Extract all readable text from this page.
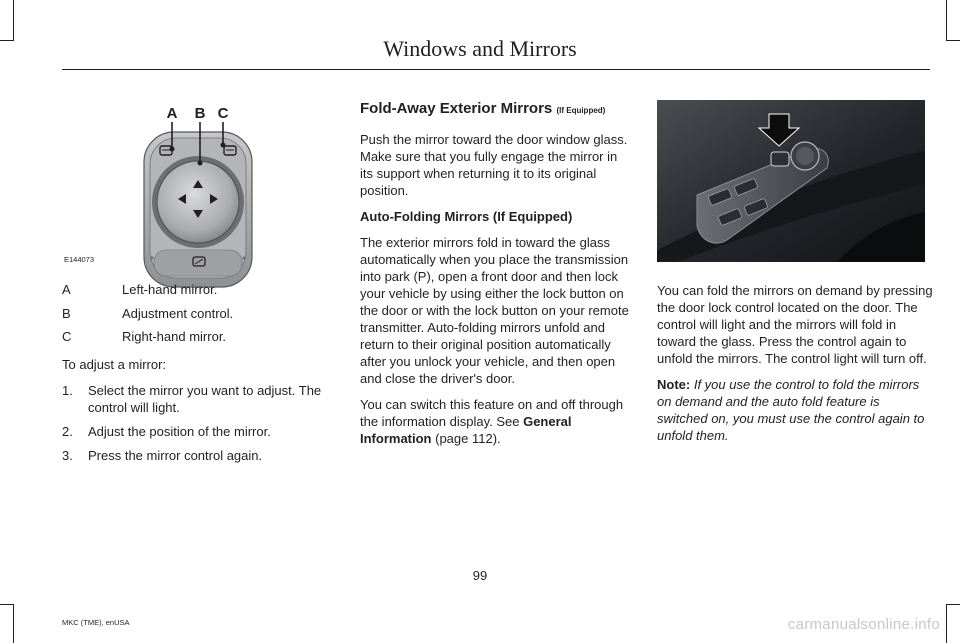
Windows and Mirrors
A B C
E144073
A	Left-hand mirror.
B	Adjustment control.
C	Right-hand mirror.

To adjust a mirror:

1. Select the mirror you want to adjust. The control will light.
2. Adjust the position of the mirror.
3. Press the mirror control again.

Fold-Away Exterior Mirrors (If Equipped)

Push the mirror toward the door window glass. Make sure that you fully engage the mirror in its support when returning it to its original position.

Auto-Folding Mirrors (If Equipped)

The exterior mirrors fold in toward the glass automatically when you place the transmission into park (P), open a front door and then lock your vehicle by using either the lock button on the door or with the lock button on your remote transmitter. Auto-folding mirrors unfold and return to their original position automatically after you unlock your vehicle, and then open and close the driver's door.

You can switch this feature on and off through the information display. See General Information (page 112).

E170431

You can fold the mirrors on demand by pressing the door lock control located on the door. The control will light and the mirrors will fold in toward the glass. Press the control again to unfold the mirrors. The control light will turn off.

Note: If you use the control to fold the mirrors on demand and the auto fold feature is switched on, you must use the control again to unfold them.

99
MKC (TME), enUSA	carmanualsonline.info
